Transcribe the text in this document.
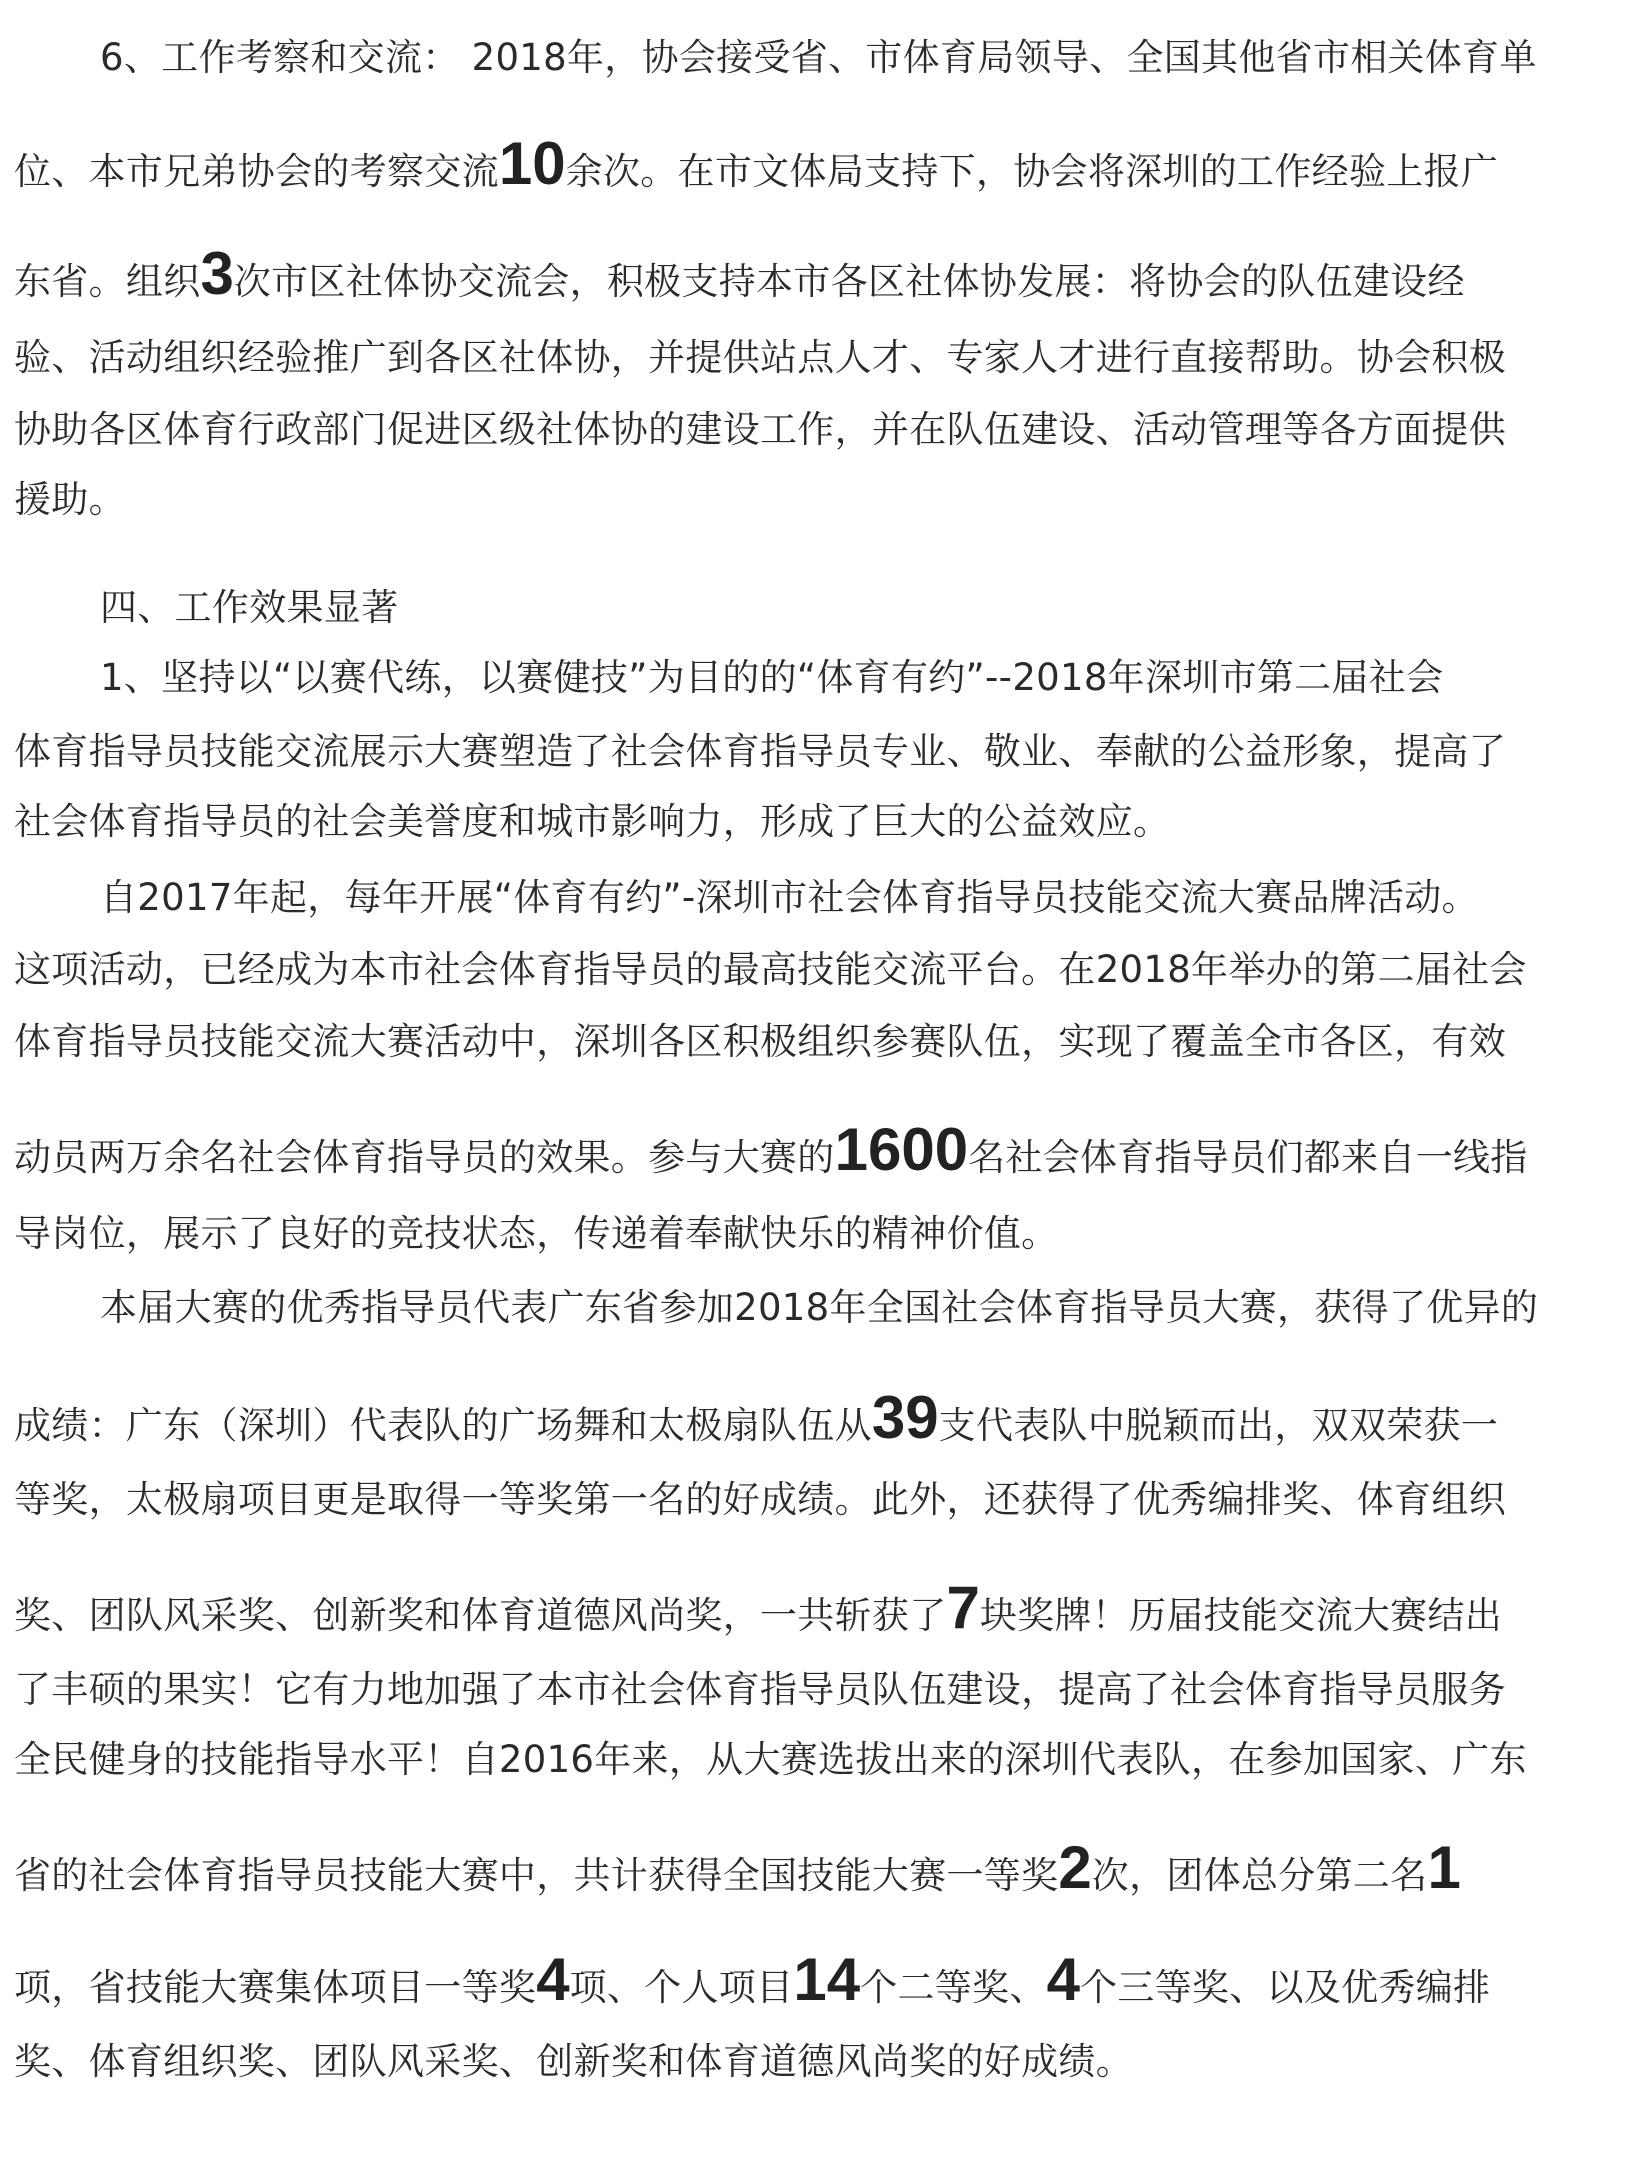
6、工作考察和交流： 2018年，协会接受省、市体育局领导、全国其他省市相关体育单

位、本市兄弟协会的考察交流10余次。在市文体局支持下，协会将深圳的工作经验上报广

东省。组织3次市区社体协交流会，积极支持本市各区社体协发展：将协会的队伍建设经

验、活动组织经验推广到各区社体协，并提供站点人才、专家人才进行直接帮助。协会积极

协助各区体育行政部门促进区级社体协的建设工作，并在队伍建设、活动管理等各方面提供

援助。

四、工作效果显著

1、坚持以“以赛代练，以赛健技”为目的的“体育有约”--2018年深圳市第二届社会

体育指导员技能交流展示大赛塑造了社会体育指导员专业、敬业、奉献的公益形象，提高了

社会体育指导员的社会美誉度和城市影响力，形成了巨大的公益效应。

自2017年起，每年开展“体育有约”-深圳市社会体育指导员技能交流大赛品牌活动。

这项活动，已经成为本市社会体育指导员的最高技能交流平台。在2018年举办的第二届社会

体育指导员技能交流大赛活动中，深圳各区积极组织参赛队伍，实现了覆盖全市各区，有效

动员两万余名社会体育指导员的效果。参与大赛的1600名社会体育指导员们都来自一线指

导岗位，展示了良好的竞技状态，传递着奉献快乐的精神价值。

本届大赛的优秀指导员代表广东省参加2018年全国社会体育指导员大赛，获得了优异的

成绩：广东（深圳）代表队的广场舞和太极扇队伍从39支代表队中脱颖而出，双双荣获一

等奖，太极扇项目更是取得一等奖第一名的好成绩。此外，还获得了优秀编排奖、体育组织

奖、团队风采奖、创新奖和体育道德风尚奖，一共斩获了7块奖牌！历届技能交流大赛结出

了丰硕的果实！它有力地加强了本市社会体育指导员队伍建设，提高了社会体育指导员服务

全民健身的技能指导水平！自2016年来，从大赛选拔出来的深圳代表队，在参加国家、广东

省的社会体育指导员技能大赛中，共计获得全国技能大赛一等奖2次，团体总分第二名1

项，省技能大赛集体项目一等奖4项、个人项目14个二等奖、4个三等奖、以及优秀编排

奖、体育组织奖、团队风采奖、创新奖和体育道德风尚奖的好成绩。
